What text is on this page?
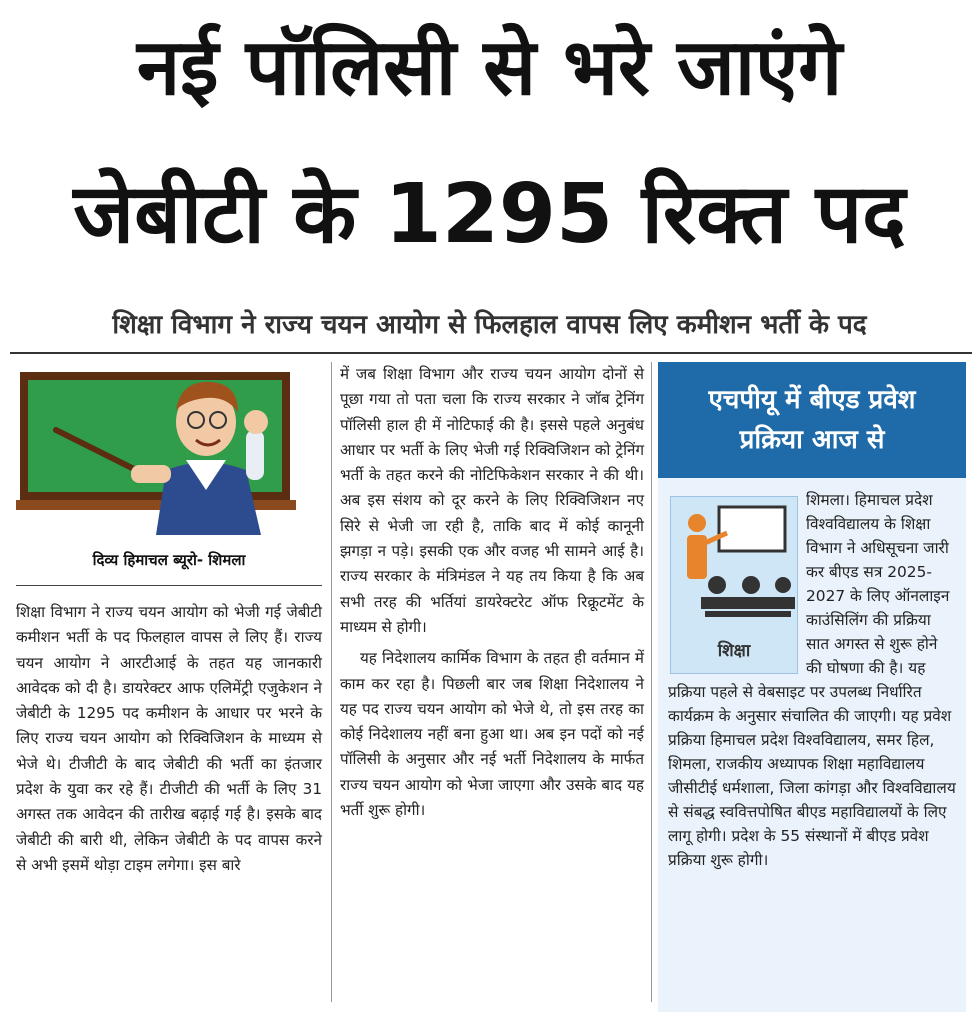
नई पॉलिसी से भरे जाएंगे
जेबीटी के 1295 रिक्त पद
शिक्षा विभाग ने राज्य चयन आयोग से फिलहाल वापस लिए कमीशन भर्ती के पद
दिव्य हिमाचल ब्यूरो- शिमला

शिक्षा विभाग ने राज्य चयन आयोग को भेजी गई जेबीटी कमीशन भर्ती के पद फिलहाल वापस ले लिए हैं। राज्य चयन आयोग ने आरटीआई के तहत यह जानकारी आवेदक को दी है। डायरेक्टर आफ एलिमेंट्री एजुकेशन ने जेबीटी के 1295 पद कमीशन के आधार पर भरने के लिए राज्य चयन आयोग को रिक्विजिशन के माध्यम से भेजे थे। टीजीटी के बाद जेबीटी की भर्ती का इंतजार प्रदेश के युवा कर रहे हैं। टीजीटी की भर्ती के लिए 31 अगस्त तक आवेदन की तारीख बढ़ाई गई है। इसके बाद जेबीटी की बारी थी, लेकिन जेबीटी के पद वापस करने से अभी इसमें थोड़ा टाइम लगेगा। इस बारे

में जब शिक्षा विभाग और राज्य चयन आयोग दोनों से पूछा गया तो पता चला कि राज्य सरकार ने जॉब ट्रेनिंग पॉलिसी हाल ही में नोटिफाई की है। इससे पहले अनुबंध आधार पर भर्ती के लिए भेजी गई रिक्विजिशन को ट्रेनिंग भर्ती के तहत करने की नोटिफिकेशन सरकार ने की थी। अब इस संशय को दूर करने के लिए रिक्विजिशन नए सिरे से भेजी जा रही है, ताकि बाद में कोई कानूनी झगड़ा न पड़े। इसकी एक और वजह भी सामने आई है। राज्य सरकार के मंत्रिमंडल ने यह तय किया है कि अब सभी तरह की भर्तियां डायरेक्टरेट ऑफ रिक्रूटमेंट के माध्यम से होगी।

यह निदेशालय कार्मिक विभाग के तहत ही वर्तमान में काम कर रहा है। पिछली बार जब शिक्षा निदेशालय ने यह पद राज्य चयन आयोग को भेजे थे, तो इस तरह का कोई निदेशालय नहीं बना हुआ था। अब इन पदों को नई पॉलिसी के अनुसार और नई भर्ती निदेशालय के मार्फत राज्य चयन आयोग को भेजा जाएगा और उसके बाद यह भर्ती शुरू होगी।

एचपीयू में बीएड प्रवेश
प्रक्रिया आज से
शिक्षा
शिमला। हिमाचल प्रदेश विश्वविद्यालय के शिक्षा विभाग ने अधिसूचना जारी कर बीएड सत्र 2025-2027 के लिए ऑनलाइन काउंसिलिंग की प्रक्रिया सात अगस्त से शुरू होने की घोषणा की है। यह प्रक्रिया पहले से वेबसाइट पर उपलब्ध निर्धारित कार्यक्रम के अनुसार संचालित की जाएगी। यह प्रवेश प्रक्रिया हिमाचल प्रदेश विश्वविद्यालय, समर हिल, शिमला, राजकीय अध्यापक शिक्षा महाविद्यालय जीसीटीई धर्मशाला, जिला कांगड़ा और विश्वविद्यालय से संबद्ध स्ववित्तपोषित बीएड महाविद्यालयों के लिए लागू होगी। प्रदेश के 55 संस्थानों में बीएड प्रवेश प्रक्रिया शुरू होगी।
